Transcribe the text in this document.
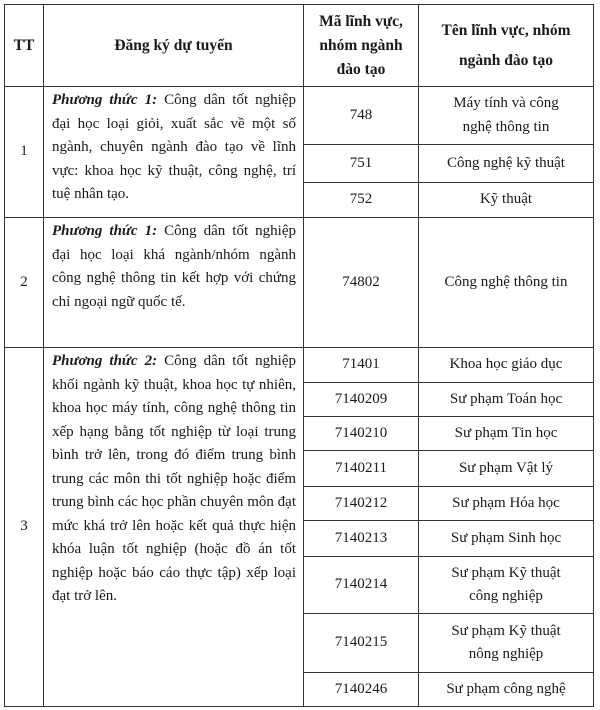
TT	Đăng ký dự tuyển	Mã lĩnh vực, nhóm ngành đào tạo	Tên lĩnh vực, nhóm ngành đào tạo
1	Phương thức 1: Công dân tốt nghiệp đại học loại giỏi, xuất sắc về một số ngành, chuyên ngành đào tạo về lĩnh vực: khoa học kỹ thuật, công nghệ, trí tuệ nhân tạo.	748	Máy tính và công nghệ thông tin
		751	Công nghệ kỹ thuật
		752	Kỹ thuật
2	Phương thức 1: Công dân tốt nghiệp đại học loại khá ngành/nhóm ngành công nghệ thông tin kết hợp với chứng chỉ ngoại ngữ quốc tế.	74802	Công nghệ thông tin
3	Phương thức 2: Công dân tốt nghiệp khối ngành kỹ thuật, khoa học tự nhiên, khoa học máy tính, công nghệ thông tin xếp hạng bằng tốt nghiệp từ loại trung bình trở lên, trong đó điểm trung bình trung các môn thi tốt nghiệp hoặc điểm trung bình các học phần chuyên môn đạt mức khá trở lên hoặc kết quả thực hiện khóa luận tốt nghiệp (hoặc đồ án tốt nghiệp hoặc báo cáo thực tập) xếp loại đạt trở lên.	71401	Khoa học giáo dục
		7140209	Sư phạm Toán học
		7140210	Sư phạm Tin học
		7140211	Sư phạm Vật lý
		7140212	Sư phạm Hóa học
		7140213	Sư phạm Sinh học
		7140214	Sư phạm Kỹ thuật công nghiệp
		7140215	Sư phạm Kỹ thuật nông nghiệp
		7140246	Sư phạm công nghệ
